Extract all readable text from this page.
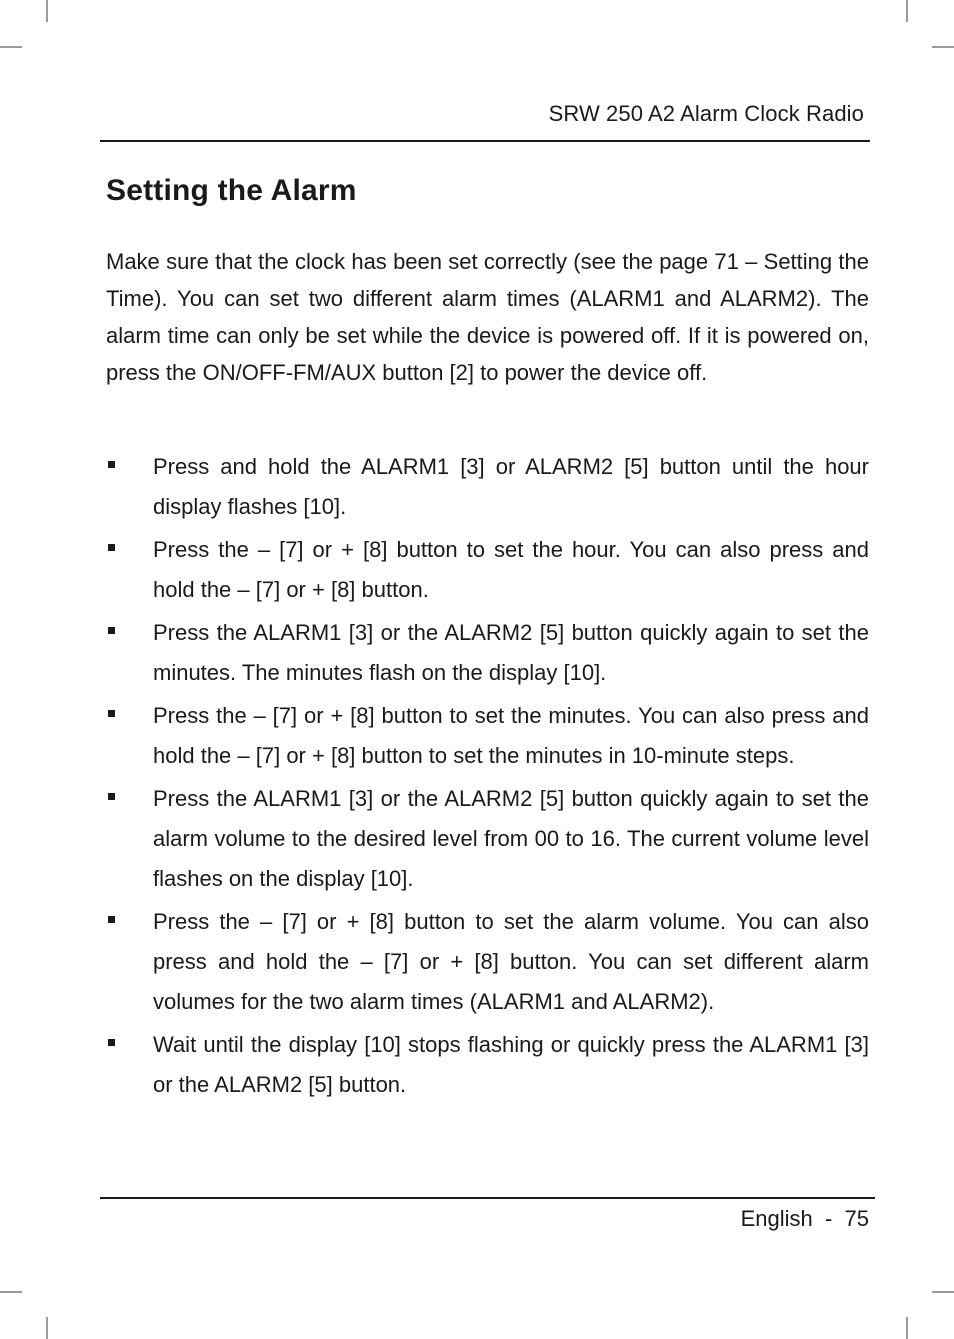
SRW 250 A2 Alarm Clock Radio
Setting the Alarm

Make sure that the clock has been set correctly (see the page 71 – Setting the Time). You can set two different alarm times (ALARM1 and ALARM2). The alarm time can only be set while the device is powered off. If it is powered on, press the ON/OFF-FM/AUX button [2] to power the device off.

Press and hold the ALARM1 [3] or ALARM2 [5] button until the hour display flashes [10].
Press the – [7] or + [8] button to set the hour. You can also press and hold the – [7] or + [8] button.
Press the ALARM1 [3] or the ALARM2 [5] button quickly again to set the minutes. The minutes flash on the display [10].
Press the – [7] or + [8] button to set the minutes. You can also press and hold the – [7] or + [8] button to set the minutes in 10-minute steps.
Press the ALARM1 [3] or the ALARM2 [5] button quickly again to set the alarm volume to the desired level from 00 to 16. The current volume level flashes on the display [10].
Press the – [7] or + [8] button to set the alarm volume. You can also press and hold the – [7] or + [8] button. You can set different alarm volumes for the two alarm times (ALARM1 and ALARM2).
Wait until the display [10] stops flashing or quickly press the ALARM1 [3] or the ALARM2 [5] button.
English - 75
